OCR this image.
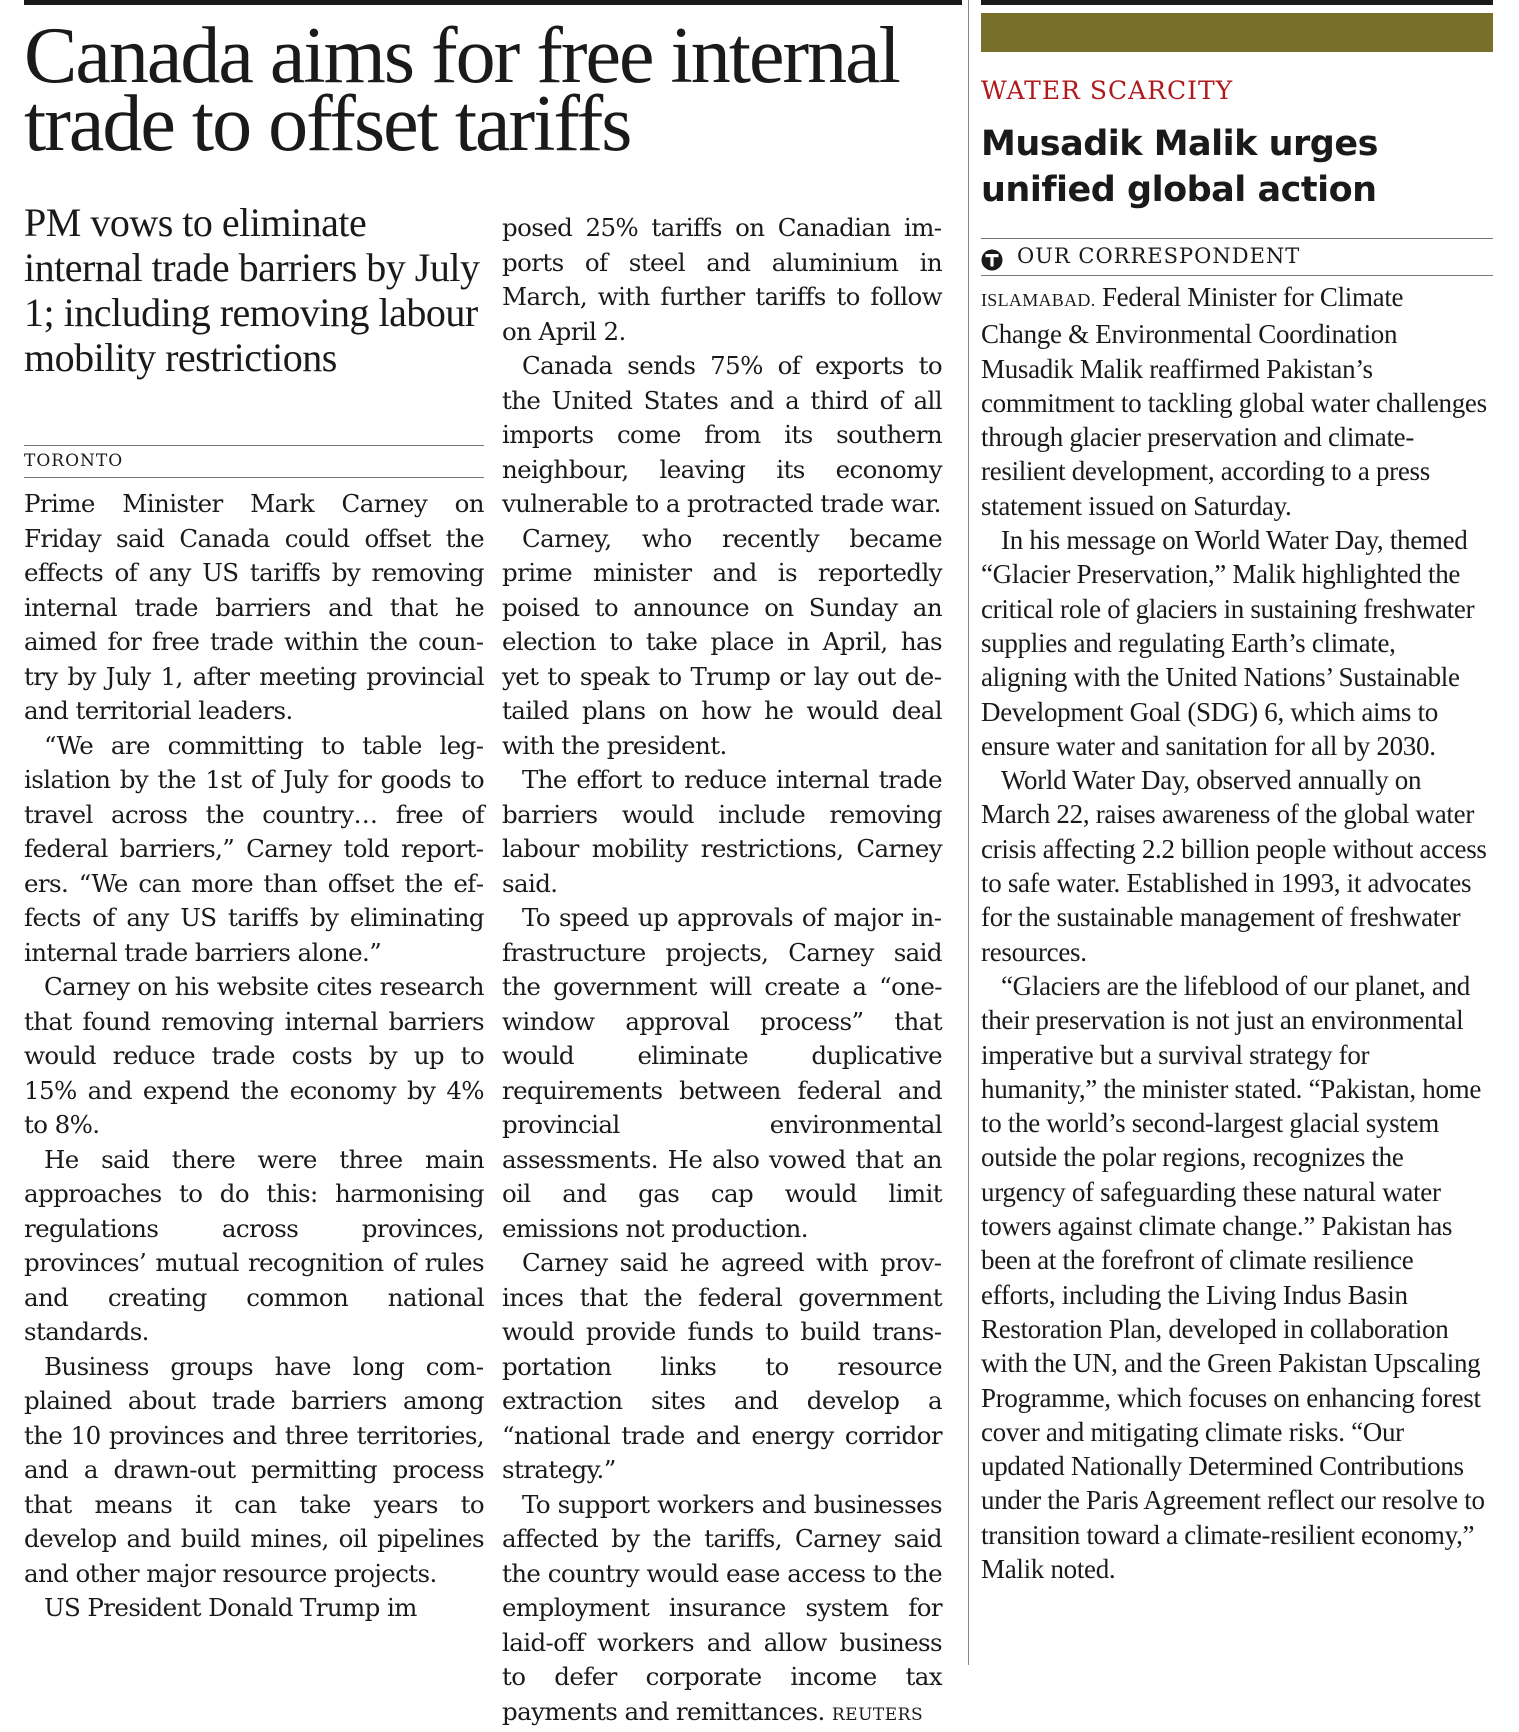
Canada aims for free internal trade to offset tariffs
PM vows to eliminate internal trade barriers by July 1; including removing labour mobility restrictions
TORONTO

Prime Minister Mark Carney on Friday said Canada could offset the effects of any US tariffs by removing internal trade barriers and that he aimed for free trade within the country by July 1, after meeting provincial and territorial leaders.

“We are committing to table legislation by the 1st of July for goods to travel across the country… free of federal barriers,” Carney told reporters. “We can more than offset the effects of any US tariffs by eliminating internal trade barriers alone.”

Carney on his website cites research that found removing internal barriers would reduce trade costs by up to 15% and expend the economy by 4% to 8%.

He said there were three main approaches to do this: harmonising regulations across provinces, provinces’ mutual recognition of rules and creating common national standards.

Business groups have long complained about trade barriers among the 10 provinces and three territories, and a drawn-out permitting process that means it can take years to develop and build mines, oil pipelines and other major resource projects.

US President Donald Trump im

posed 25% tariffs on Canadian imports of steel and aluminium in March, with further tariffs to follow on April 2.

Canada sends 75% of exports to the United States and a third of all imports come from its southern neighbour, leaving its economy vulnerable to a protracted trade war.

Carney, who recently became prime minister and is reportedly poised to announce on Sunday an election to take place in April, has yet to speak to Trump or lay out detailed plans on how he would deal with the president.

The effort to reduce internal trade barriers would include removing labour mobility restrictions, Carney said.

To speed up approvals of major infrastructure projects, Carney said the government will create a “one-window approval process” that would eliminate duplicative requirements between federal and provincial environmental assessments. He also vowed that an oil and gas cap would limit emissions not production.

Carney said he agreed with provinces that the federal government would provide funds to build transportation links to resource extraction sites and develop a “national trade and energy corridor strategy.”

To support workers and businesses affected by the tariffs, Carney said the country would ease access to the employment insurance system for laid-off workers and allow business to defer corporate income tax payments and remittances. REUTERS

WATER SCARCITY
Musadik Malik urges unified global action
OUR CORRESPONDENT

ISLAMABAD. Federal Minister for Climate Change & Environmental Coordination Musadik Malik reaffirmed Pakistan’s commitment to tackling global water challenges through glacier preservation and climate-resilient development, according to a press statement issued on Saturday.

In his message on World Water Day, themed “Glacier Preservation,” Malik highlighted the critical role of glaciers in sustaining freshwater supplies and regulating Earth’s climate, aligning with the United Nations’ Sustainable Development Goal (SDG) 6, which aims to ensure water and sanitation for all by 2030.

World Water Day, observed annually on March 22, raises awareness of the global water crisis affecting 2.2 billion people without access to safe water. Established in 1993, it advocates for the sustainable management of freshwater resources.

“Glaciers are the lifeblood of our planet, and their preservation is not just an environmental imperative but a survival strategy for humanity,” the minister stated. “Pakistan, home to the world’s second-largest glacial system outside the polar regions, recognizes the urgency of safeguarding these natural water towers against climate change.” Pakistan has been at the forefront of climate resilience efforts, including the Living Indus Basin Restoration Plan, developed in collaboration with the UN, and the Green Pakistan Upscaling Programme, which focuses on enhancing forest cover and mitigating climate risks. “Our updated Nationally Determined Contributions under the Paris Agreement reflect our resolve to transition toward a climate-resilient economy,” Malik noted.
